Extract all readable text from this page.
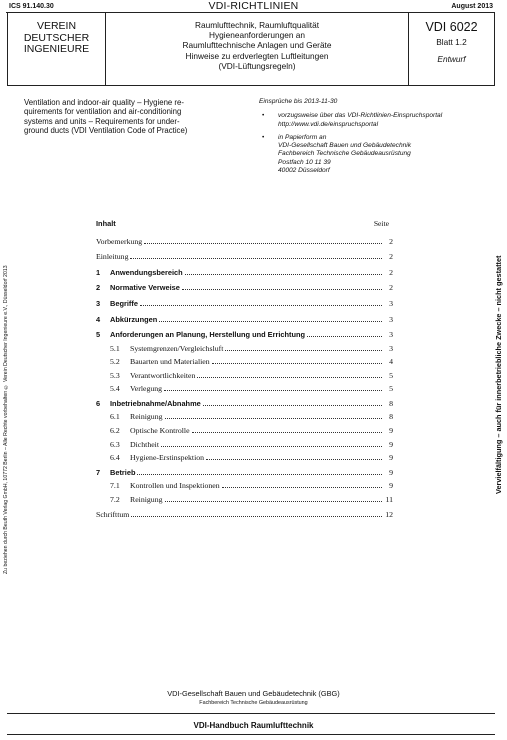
ICS 91.140.30	VDI-RICHTLINIEN	August 2013
VEREIN
DEUTSCHER
INGENIEURE
Raumlufttechnik, Raumluftqualität
Hygieneanforderungen an
Raumlufttechnische Anlagen und Geräte
Hinweise zu erdverlegten Luftleitungen
(VDI-Lüftungsregeln)
VDI 6022
Blatt 1.2
Entwurf
Zu beziehen durch Beuth Verlag GmbH, 10772 Berlin – Alle Rechte vorbehalten © Verein Deutscher Ingenieure e.V., Düsseldorf 2013	Vervielfältigung – auch für innerbetriebliche Zwecke – nicht gestattet
Ventilation and indoor-air quality – Hygiene re-
quirements for ventilation and air-conditioning
systems and units – Requirements for under-
ground ducts (VDI Ventilation Code of Practice)
Einsprüche bis 2013-11-30
• vorzugsweise über das VDI-Richtlinien-Einspruchsportal
http://www.vdi.de/einspruchsportal
• in Papierform an
VDI-Gesellschaft Bauen und Gebäudetechnik
Fachbereich Technische Gebäudeausrüstung
Postfach 10 11 39
40002 Düsseldorf
Inhalt	Seite
Vorbemerkung	2
Einleitung	2
1	Anwendungsbereich	2
2	Normative Verweise	2
3	Begriffe	3
4	Abkürzungen	3
5	Anforderungen an Planung, Herstellung und Errichtung	3
5.1	Systemgrenzen/Vergleichsluft	3
5.2	Bauarten und Materialien	4
5.3	Verantwortlichkeiten	5
5.4	Verlegung	5
6	Inbetriebnahme/Abnahme	8
6.1	Reinigung	8
6.2	Optische Kontrolle	9
6.3	Dichtheit	9
6.4	Hygiene-Erstinspektion	9
7	Betrieb	9
7.1	Kontrollen und Inspektionen	9
7.2	Reinigung	11
Schrifttum	12
VDI-Gesellschaft Bauen und Gebäudetechnik (GBG)
Fachbereich Technische Gebäudeausrüstung
VDI-Handbuch Raumlufttechnik
